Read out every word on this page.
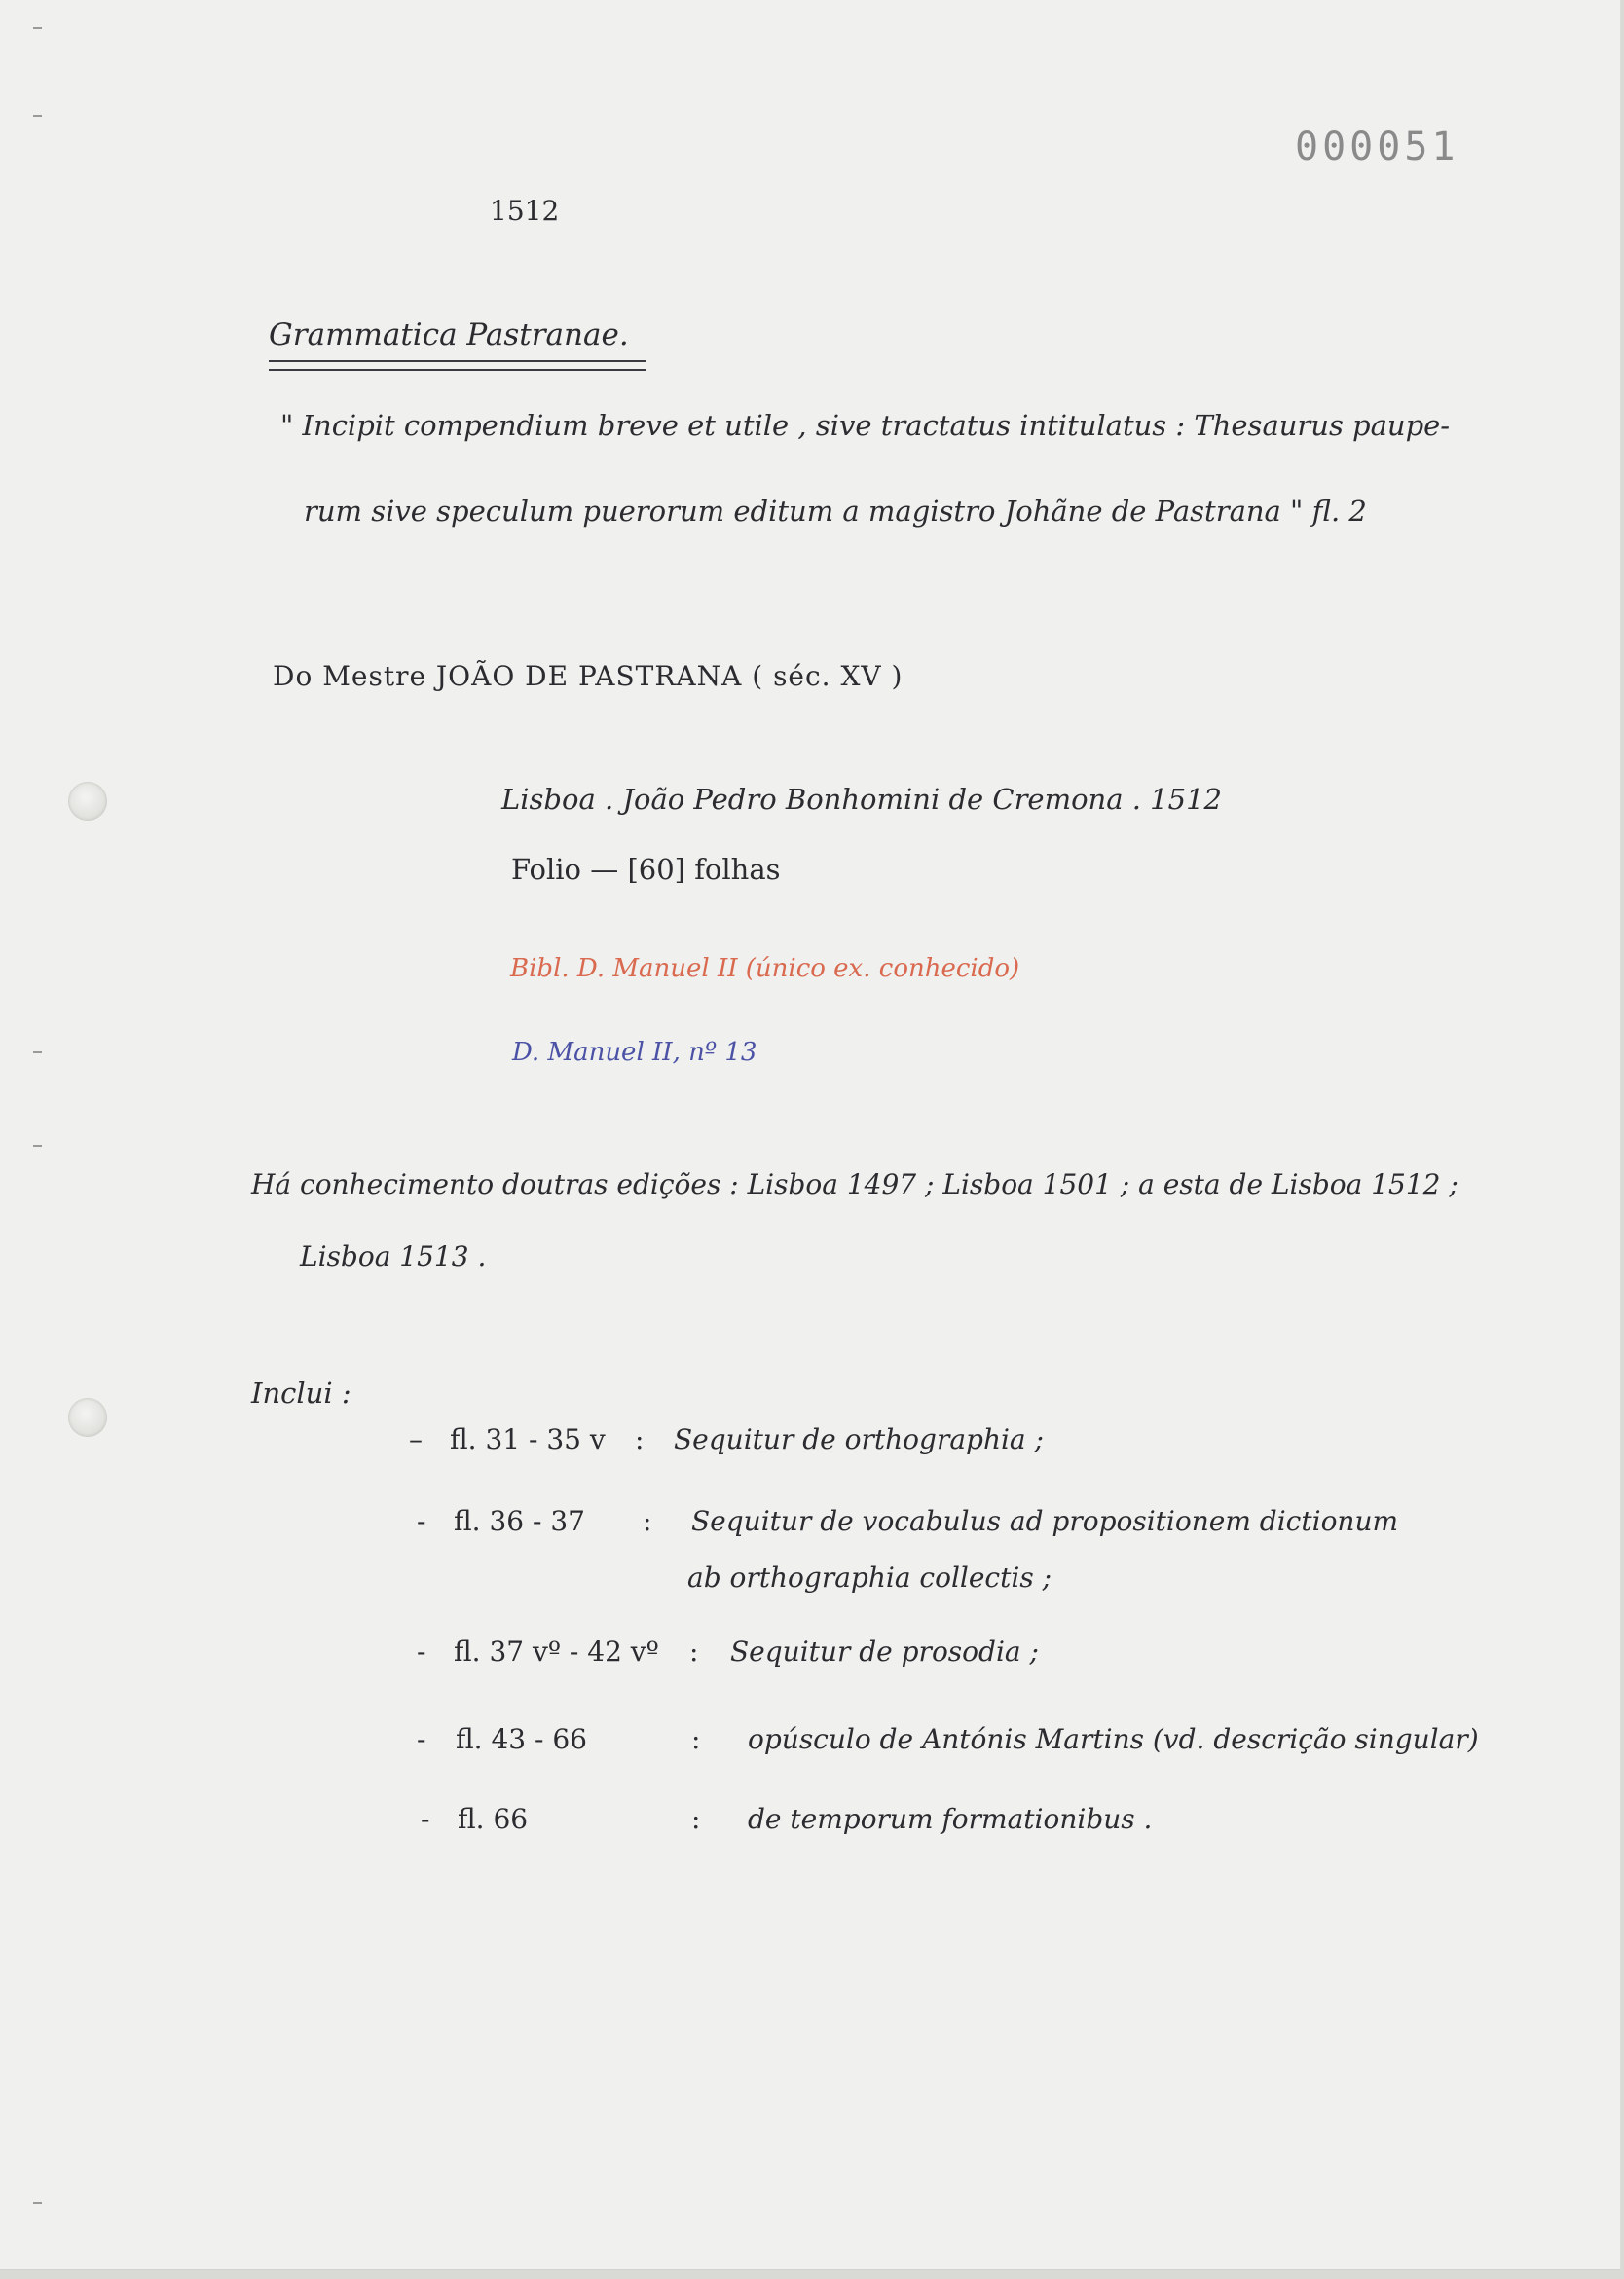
000051
1512
Grammatica Pastranae.
" Incipit compendium breve et utile , sive tractatus intitulatus : Thesaurus paupe-
rum sive speculum puerorum editum a magistro Johãne de Pastrana " fl. 2
Do Mestre JOÃO DE PASTRANA ( séc. XV )
Lisboa . João Pedro Bonhomini de Cremona . 1512
Folio — [60] folhas
Bibl. D. Manuel II (único ex. conhecido)
D. Manuel II, nº 13
Há conhecimento doutras edições : Lisboa 1497 ; Lisboa 1501 ; a esta de Lisboa 1512 ;
Lisboa 1513 .
Inclui :
– fl. 31 - 35 v : Sequitur de orthographia ;
- fl. 36 - 37 : Sequitur de vocabulus ad propositionem dictionum
ab orthographia collectis ;
- fl. 37 vº - 42 vº : Sequitur de prosodia ;
- fl. 43 - 66	: opúsculo de Antónis Martins (vd. descrição singular)
- fl. 66	: de temporum formationibus .
